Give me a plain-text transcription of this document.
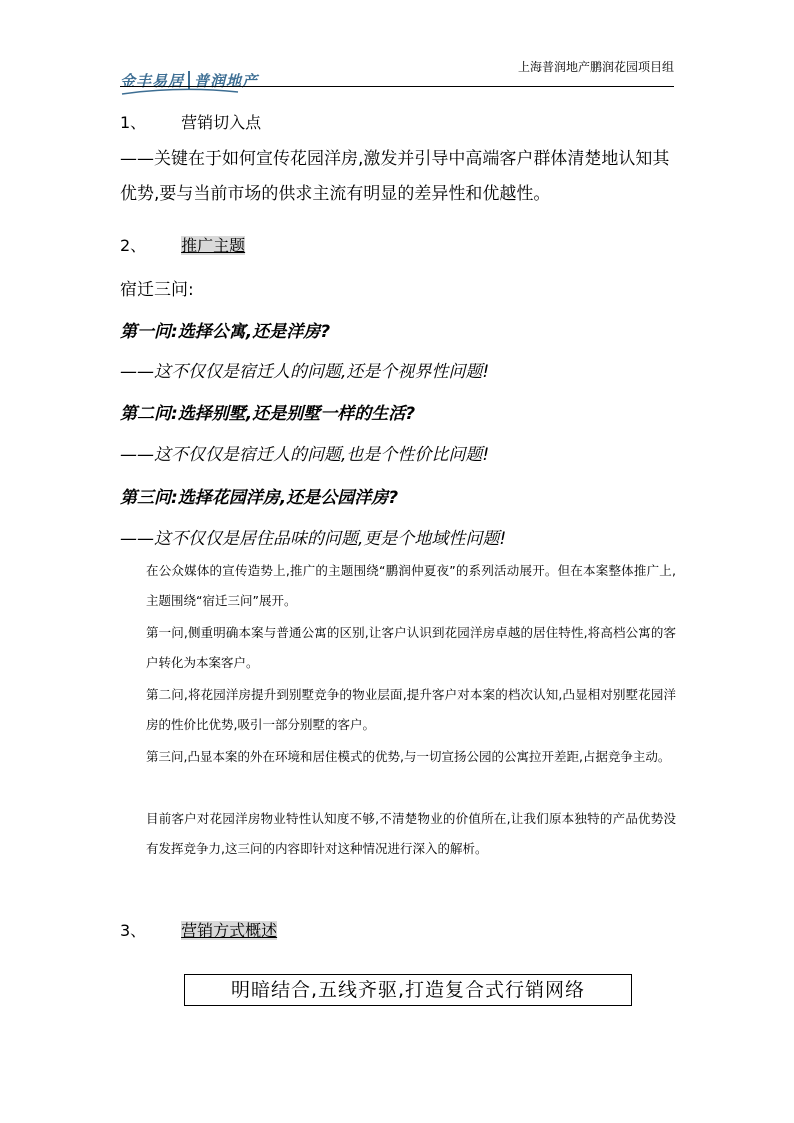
金丰易居 普润地产
上海普润地产鹏润花园项目组
1、 营销切入点
——关键在于如何宣传花园洋房,激发并引导中高端客户群体清楚地认知其优势,要与当前市场的供求主流有明显的差异性和优越性。
2、 推广主题
宿迁三问:
第一问:选择公寓,还是洋房?
——这不仅仅是宿迁人的问题,还是个视界性问题!
第二问:选择别墅,还是别墅一样的生活?
——这不仅仅是宿迁人的问题,也是个性价比问题!
第三问:选择花园洋房,还是公园洋房?
——这不仅仅是居住品味的问题,更是个地域性问题!
在公众媒体的宣传造势上,推广的主题围绕“鹏润仲夏夜”的系列活动展开。但在本案整体推广上,主题围绕“宿迁三问”展开。
第一问,侧重明确本案与普通公寓的区别,让客户认识到花园洋房卓越的居住特性,将高档公寓的客户转化为本案客户。
第二问,将花园洋房提升到别墅竞争的物业层面,提升客户对本案的档次认知,凸显相对别墅花园洋房的性价比优势,吸引一部分别墅的客户。
第三问,凸显本案的外在环境和居住模式的优势,与一切宣扬公园的公寓拉开差距,占据竞争主动。
目前客户对花园洋房物业特性认知度不够,不清楚物业的价值所在,让我们原本独特的产品优势没有发挥竞争力,这三问的内容即针对这种情况进行深入的解析。
3、 营销方式概述
明暗结合,五线齐驱,打造复合式行销网络
